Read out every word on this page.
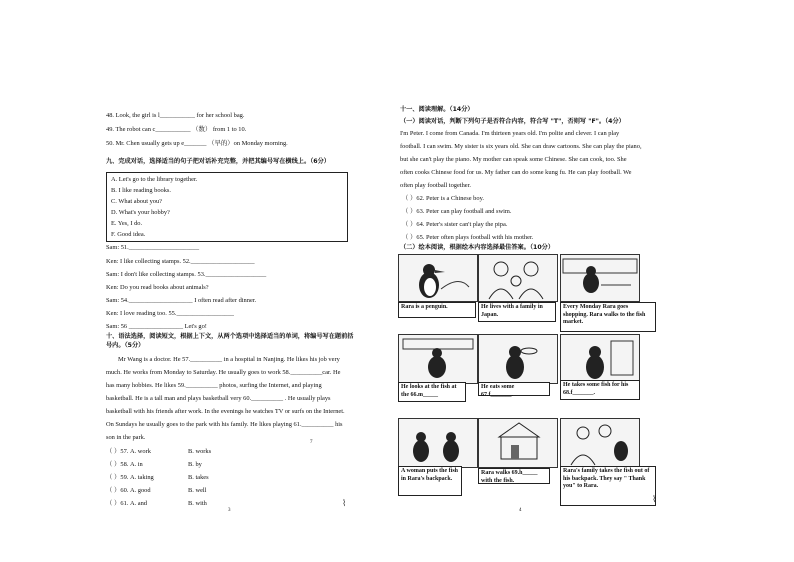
48. Look, the girl is l___________ for her school bag.
49. The robot can c___________ （数） from 1 to 10.
50. Mr. Chen usually gets up e_______ （早的）on Monday morning.
九、完成对话，选择适当的句子把对话补充完整，并把其编号写在横线上。（6分）
A. Let's go to the library together.
B. I like reading books.
C. What about you?
D. What's your hobby?
E. Yes, I do.
F. Good idea.
Sam: 51.______________________
Ken: I like collecting stamps. 52.____________________
Sam: I don't like collecting stamps. 53.___________________
Ken: Do you read books about animals?
Sam: 54.____________________ I often read after dinner.
Ken: I love reading too. 55.__________________
Sam: 56 _________________ Let's go!
十、语法选择，阅读短文，根据上下文，从两个选项中选择适当的单词，将编号写在题前括号内。（5分）
Mr Wang is a doctor. He 57.__________ in a hospital in Nanjing. He likes his job very
much. He works from Monday to Saturday. He usually goes to work 58.__________car. He
has many hobbies. He likes 59.__________ photos, surfing the Internet, and playing
basketball. He is a tall man and plays basketball very 60.__________ . He usually plays
basketball with his friends after work. In the evenings he watches TV or surfs on the Internet.
On Sundays he usually goes to the park with his family. He likes playing 61.__________ his
son in the park.
（ ）57. A. work	B. works
（ ）58. A. in	B. by
（ ）59. A. taking	B. takes
（ ）60. A. good	B. well
（ ）61. A. and	B. with
7
3
⌇
十一、阅读理解。（14分）
（一）阅读对话，判断下列句子是否符合内容，符合写 "T"，否则写 "F"。（4分）
I'm Peter. I come from Canada. I'm thirteen years old. I'm polite and clever. I can play
football. I can swim. My sister is six years old. She can draw cartoons. She can play the piano,
but she can't play the piano. My mother can speak some Chinese. She can cook, too. She
often cooks Chinese food for us. My father can do some kung fu. He can play football. We
often play football together.
（ ）62. Peter is a Chinese boy.
（ ）63. Peter can play football and swim.
（ ）64. Peter's sister can't play the pipa.
（ ）65. Peter often plays football with his mother.
（二）绘本阅读，根据绘本内容选择最佳答案。（10分）
Rara is a penguin.	He lives with a family in Japan.
Every Monday Rara goes shopping. Rara walks to the fish market.
He looks at the fish at the 66.m_____
He eats some 67.f_______.
He takes some fish for his 68.f_______.
A woman puts the fish in Rara's backpack.
Rara walks 69.h_____ with the fish.
Rara's family takes the fish out of his backpack. They say " Thank you" to Rara.
4
⌇
